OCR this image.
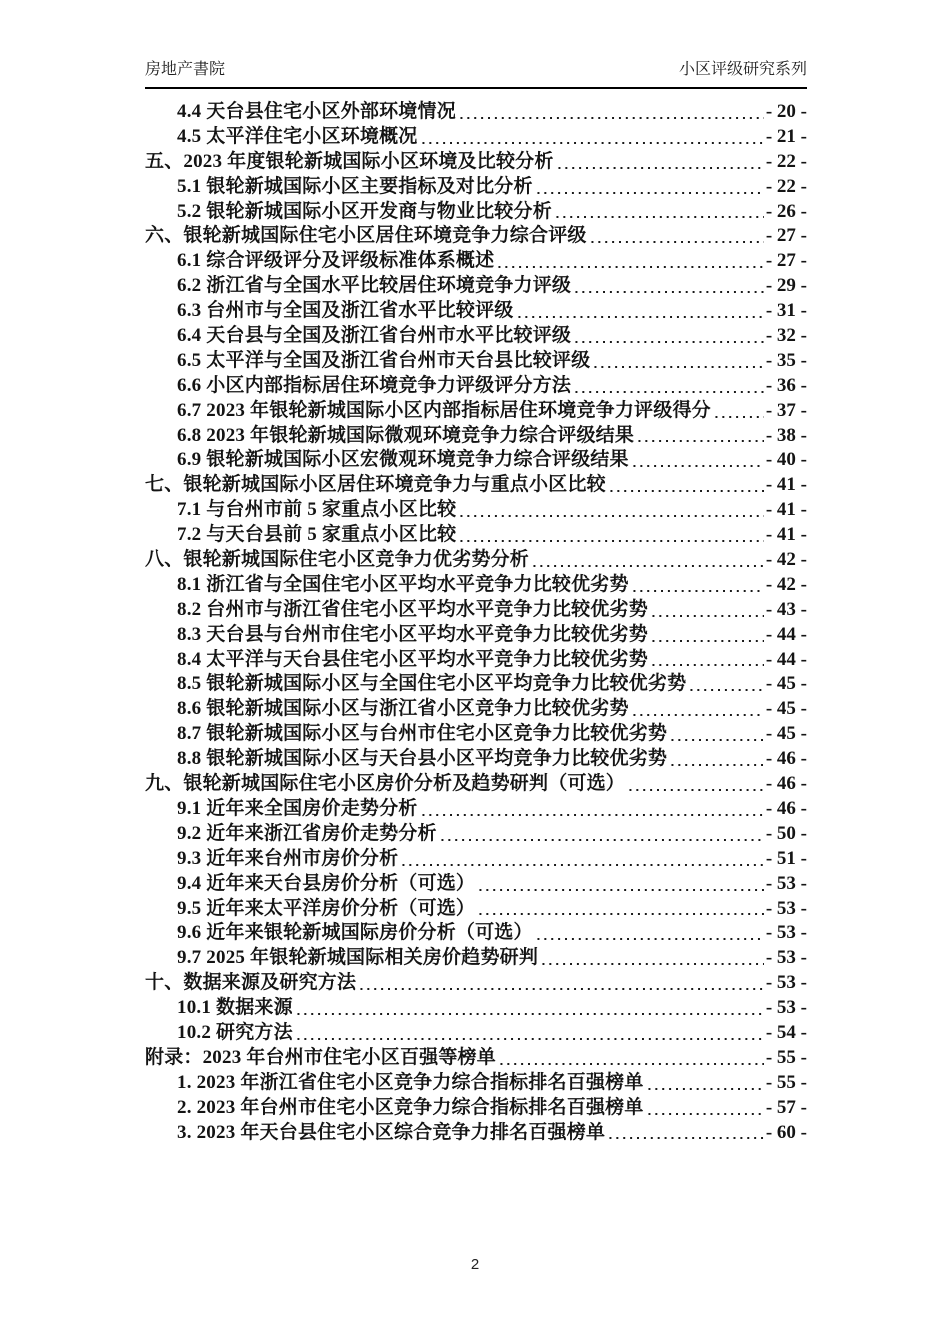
房地产書院	小区评级研究系列
4.4 天台县住宅小区外部环境情况	- 20 -
4.5 太平洋住宅小区环境概况	- 21 -
五、2023 年度银轮新城国际小区环境及比较分析	- 22 -
5.1 银轮新城国际小区主要指标及对比分析	- 22 -
5.2 银轮新城国际小区开发商与物业比较分析	- 26 -
六、银轮新城国际住宅小区居住环境竞争力综合评级	- 27 -
6.1 综合评级评分及评级标准体系概述	- 27 -
6.2 浙江省与全国水平比较居住环境竞争力评级	- 29 -
6.3 台州市与全国及浙江省水平比较评级	- 31 -
6.4 天台县与全国及浙江省台州市水平比较评级	- 32 -
6.5 太平洋与全国及浙江省台州市天台县比较评级	- 35 -
6.6 小区内部指标居住环境竞争力评级评分方法	- 36 -
6.7 2023 年银轮新城国际小区内部指标居住环境竞争力评级得分	- 37 -
6.8 2023 年银轮新城国际微观环境竞争力综合评级结果	- 38 -
6.9 银轮新城国际小区宏微观环境竞争力综合评级结果	- 40 -
七、银轮新城国际小区居住环境竞争力与重点小区比较	- 41 -
7.1 与台州市前 5 家重点小区比较	- 41 -
7.2 与天台县前 5 家重点小区比较	- 41 -
八、银轮新城国际住宅小区竞争力优劣势分析	- 42 -
8.1 浙江省与全国住宅小区平均水平竞争力比较优劣势	- 42 -
8.2 台州市与浙江省住宅小区平均水平竞争力比较优劣势	- 43 -
8.3 天台县与台州市住宅小区平均水平竞争力比较优劣势	- 44 -
8.4 太平洋与天台县住宅小区平均水平竞争力比较优劣势	- 44 -
8.5 银轮新城国际小区与全国住宅小区平均竞争力比较优劣势	- 45 -
8.6 银轮新城国际小区与浙江省小区竞争力比较优劣势	- 45 -
8.7 银轮新城国际小区与台州市住宅小区竞争力比较优劣势	- 45 -
8.8 银轮新城国际小区与天台县小区平均竞争力比较优劣势	- 46 -
九、银轮新城国际住宅小区房价分析及趋势研判（可选）	- 46 -
9.1 近年来全国房价走势分析	- 46 -
9.2 近年来浙江省房价走势分析	- 50 -
9.3 近年来台州市房价分析	- 51 -
9.4 近年来天台县房价分析（可选）	- 53 -
9.5 近年来太平洋房价分析（可选）	- 53 -
9.6 近年来银轮新城国际房价分析（可选）	- 53 -
9.7 2025 年银轮新城国际相关房价趋势研判	- 53 -
十、数据来源及研究方法	- 53 -
10.1 数据来源	- 53 -
10.2 研究方法	- 54 -
附录：2023 年台州市住宅小区百强等榜单	- 55 -
1. 2023 年浙江省住宅小区竞争力综合指标排名百强榜单	- 55 -
2. 2023 年台州市住宅小区竞争力综合指标排名百强榜单	- 57 -
3. 2023 年天台县住宅小区综合竞争力排名百强榜单	- 60 -
2
